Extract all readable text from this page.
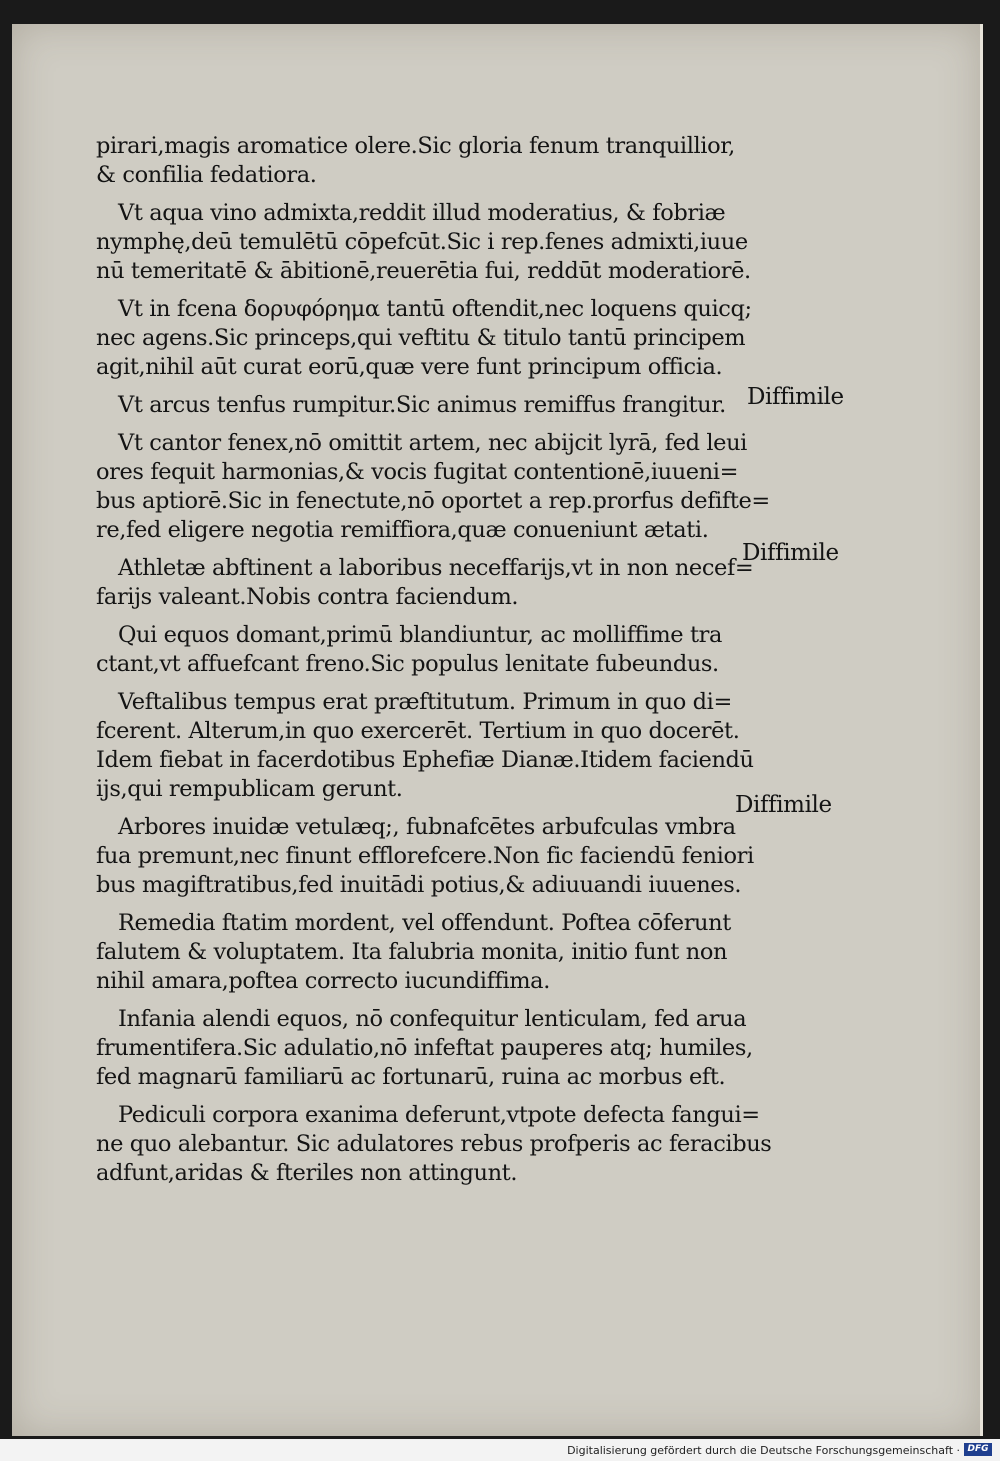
pirari,magis aromatice olere.Sic gloria fenum tranquillior,
& confilia fedatiora.
Vt aqua vino admixta,reddit illud moderatius, & fobriæ
nymphę,deū temulētū cōpefcūt.Sic i rep.fenes admixti,iuue
nū temeritatē & ābitionē,reuerētia fui, reddūt moderatiorē.
Vt in fcena δορυφόρημα tantū oftendit,nec loquens quicq;
nec agens.Sic princeps,qui veftitu & titulo tantū principem
agit,nihil aūt curat eorū,quæ vere funt principum officia.
Vt arcus tenfus rumpitur.Sic animus remiffus frangitur.
Vt cantor fenex,nō omittit artem, nec abijcit lyrā, fed leui
ores fequit harmonias,& vocis fugitat contentionē,iuueni=
bus aptiorē.Sic in fenectute,nō oportet a rep.prorfus defifte=
re,fed eligere negotia remiffiora,quæ conueniunt ætati.
Athletæ abftinent a laboribus neceffarijs,vt in non necef=
farijs valeant.Nobis contra faciendum.
Qui equos domant,primū blandiuntur, ac molliffime tra
ctant,vt affuefcant freno.Sic populus lenitate fubeundus.
Veftalibus tempus erat præftitutum. Primum in quo di=
fcerent. Alterum,in quo exercerēt. Tertium in quo docerēt.
Idem fiebat in facerdotibus Ephefiæ Dianæ.Itidem faciendū
ijs,qui rempublicam gerunt.
Arbores inuidæ vetulæq;, fubnafcētes arbufculas vmbra
fua premunt,nec finunt efflorefcere.Non fic faciendū feniori
bus magiftratibus,fed inuitādi potius,& adiuuandi iuuenes.
Remedia ftatim mordent, vel offendunt. Poftea cōferunt
falutem & voluptatem. Ita falubria monita, initio funt non
nihil amara,poftea correcto iucundiffima.
Infania alendi equos, nō confequitur lenticulam, fed arua
frumentifera.Sic adulatio,nō infeftat pauperes atq; humiles,
fed magnarū familiarū ac fortunarū, ruina ac morbus eft.
Pediculi corpora exanima deferunt,vtpote defecta fangui=
ne quo alebantur. Sic adulatores rebus profperis ac feracibus
adfunt,aridas & fteriles non attingunt.
Diffimile
Diffimile
Diffimile
Digitalisierung gefördert durch die Deutsche Forschungsgemeinschaft · DFG
